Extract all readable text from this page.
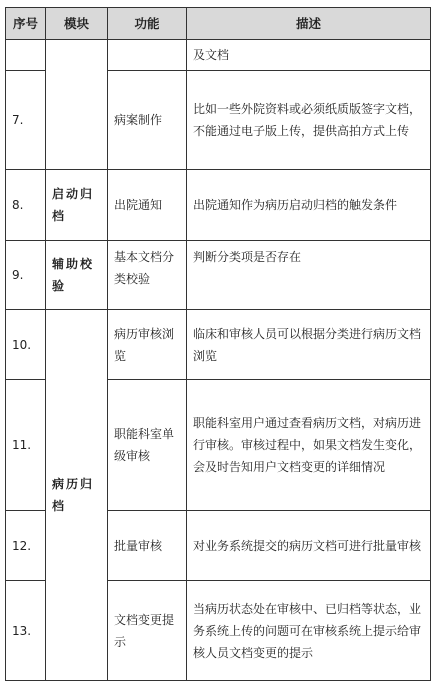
序号	模块	功能	描述
			及文档
7.		病案制作	比如一些外院资料或必须纸质版签字文档，不能通过电子版上传，提供高拍方式上传
8.	启动归档	出院通知	出院通知作为病历启动归档的触发条件
9.	辅助校验	基本文档分类校验	判断分类项是否存在
10.	病历归档	病历审核浏览	临床和审核人员可以根据分类进行病历文档浏览
11.		职能科室单级审核	职能科室用户通过查看病历文档，对病历进行审核。审核过程中，如果文档发生变化，会及时告知用户文档变更的详细情况
12.		批量审核	对业务系统提交的病历文档可进行批量审核
13.		文档变更提示	当病历状态处在审核中、已归档等状态，业务系统上传的问题可在审核系统上提示给审核人员文档变更的提示
